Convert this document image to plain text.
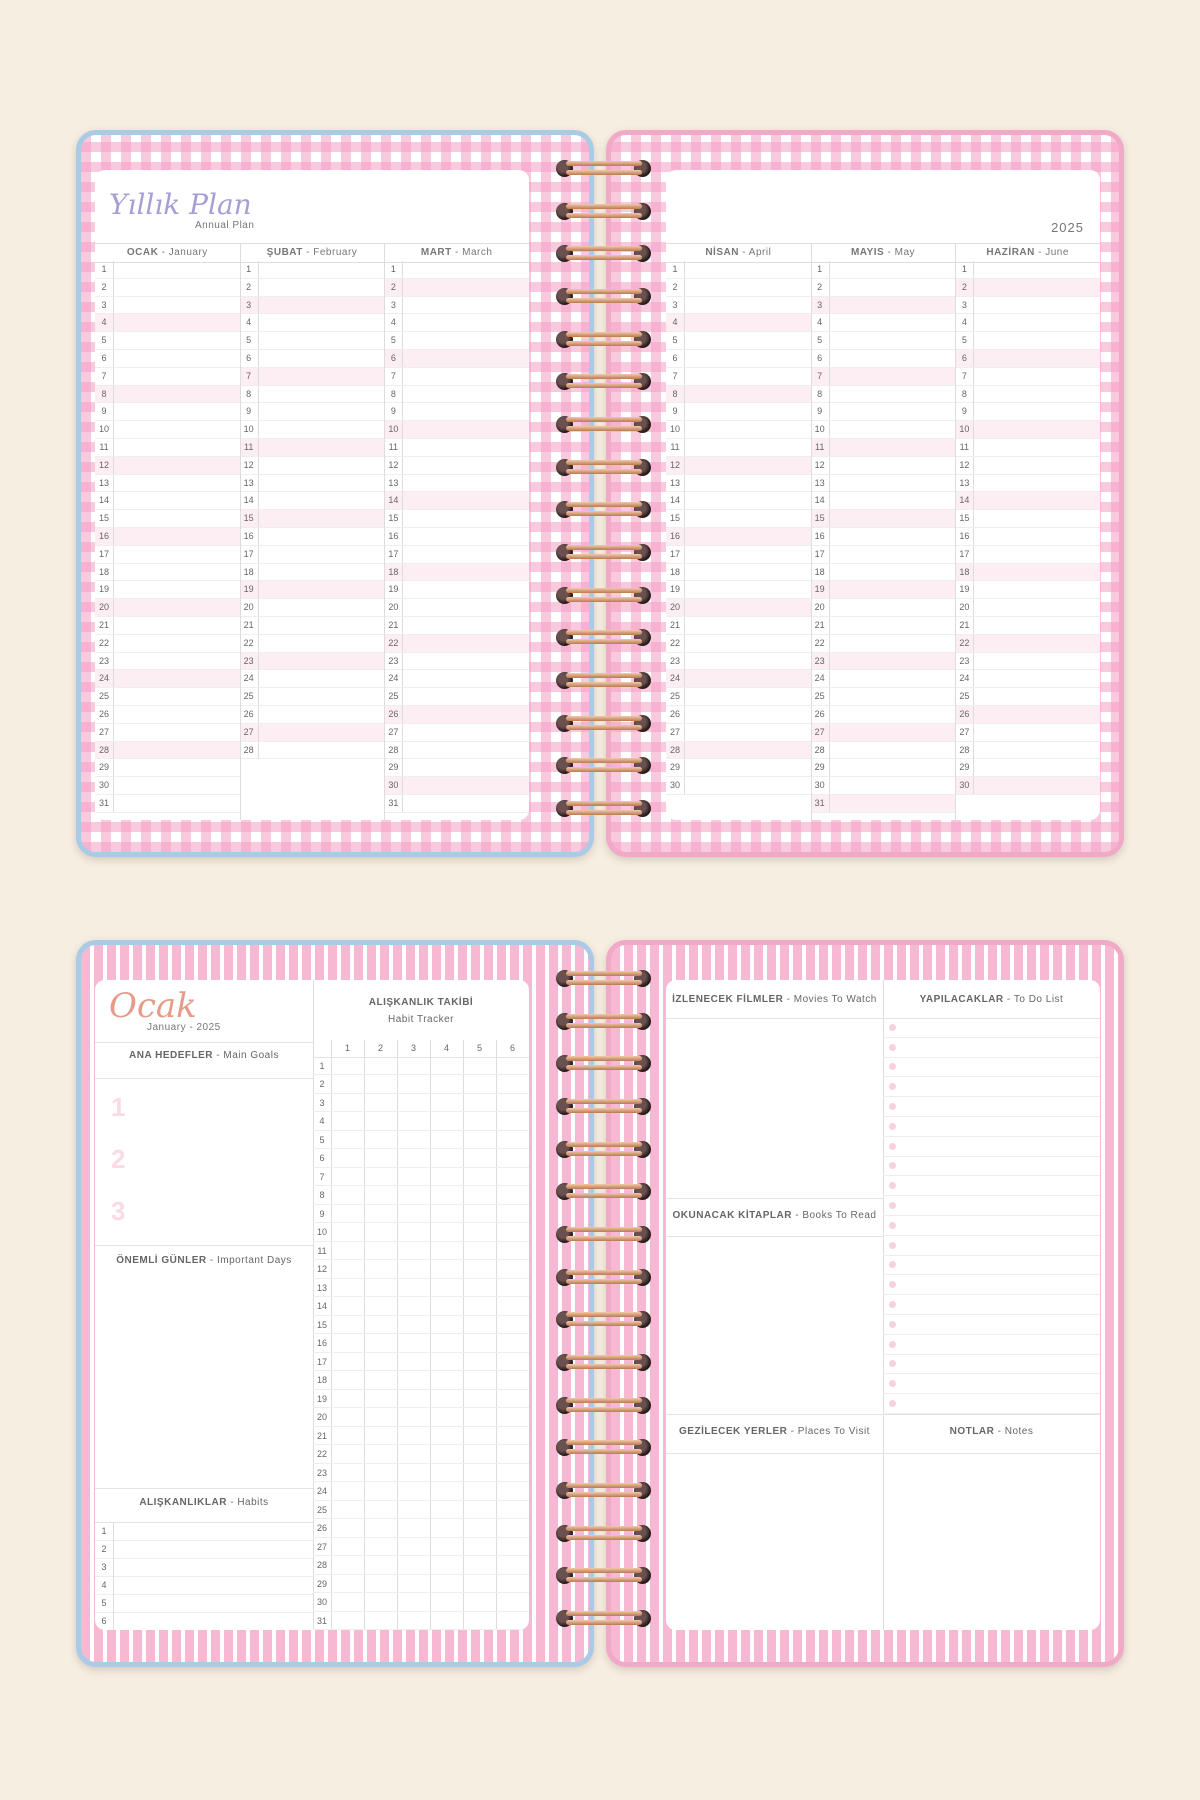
Yıllık Plan
Annual Plan
OCAK - January
1
2
3
4
5
6
7
8
9
10
11
12
13
14
15
16
17
18
19
20
21
22
23
24
25
26
27
28
29
30
31
ŞUBAT - February
1
2
3
4
5
6
7
8
9
10
11
12
13
14
15
16
17
18
19
20
21
22
23
24
25
26
27
28
MART - March
1
2
3
4
5
6
7
8
9
10
11
12
13
14
15
16
17
18
19
20
21
22
23
24
25
26
27
28
29
30
31
2025
NİSAN - April
1
2
3
4
5
6
7
8
9
10
11
12
13
14
15
16
17
18
19
20
21
22
23
24
25
26
27
28
29
30
MAYIS - May
1
2
3
4
5
6
7
8
9
10
11
12
13
14
15
16
17
18
19
20
21
22
23
24
25
26
27
28
29
30
31
HAZİRAN - June
1
2
3
4
5
6
7
8
9
10
11
12
13
14
15
16
17
18
19
20
21
22
23
24
25
26
27
28
29
30
Ocak
January - 2025
ANA HEDEFLER - Main Goals
1
2
3
ÖNEMLİ GÜNLER - Important Days
ALIŞKANLIKLAR - Habits
1
2
3
4
5
6
ALIŞKANLIK TAKİBİ
Habit Tracker
1	2	3	4	5	6
1
2
3
4
5
6
7
8
9
10
11
12
13
14
15
16
17
18
19
20
21
22
23
24
25
26
27
28
29
30
31
İZLENECEK FİLMLER - Movies To Watch
OKUNACAK KİTAPLAR - Books To Read
YAPILACAKLAR - To Do List
GEZİLECEK YERLER - Places To Visit	NOTLAR - Notes
